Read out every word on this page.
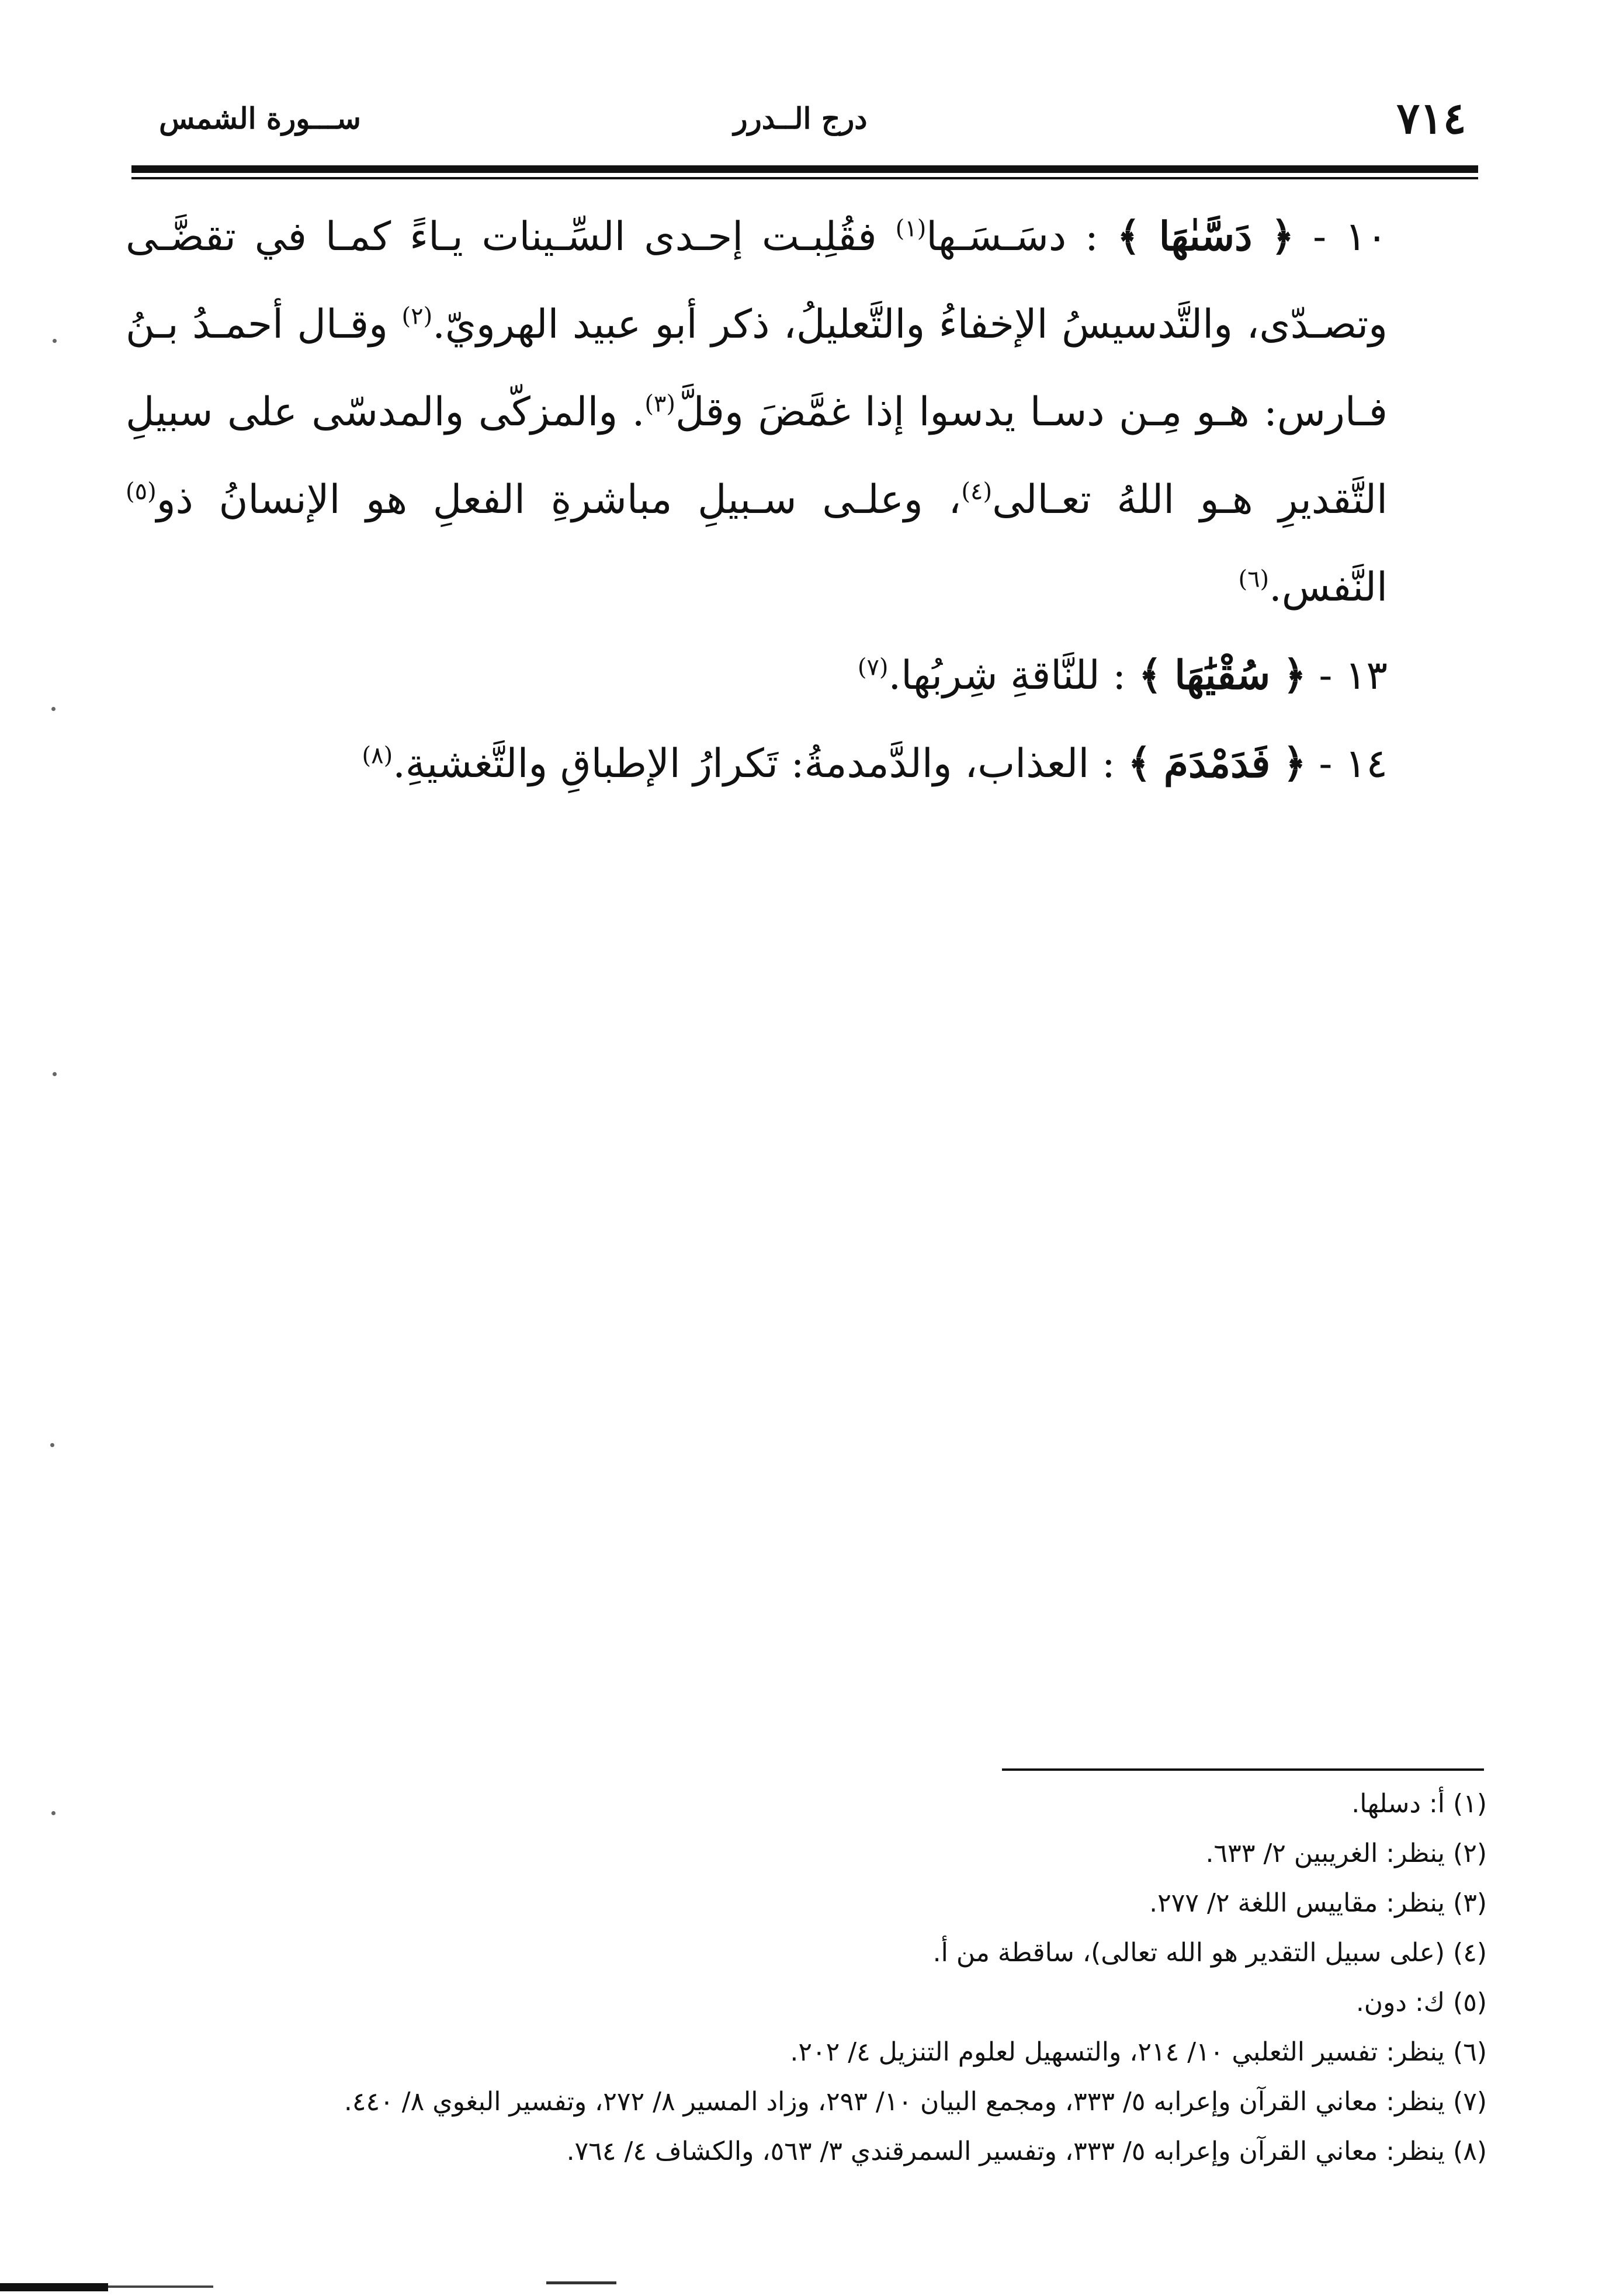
٧١٤
درج الــدرر
ســـورة الشمس

١٠ - ﴿ دَسَّىٰهَا ﴾ : دسَـسَـها$^{(١)}$ فقُلِبـت إحـدى السِّـينات يـاءً كمـا في تقضَّـى وتصـدّى، والتَّدسيسُ الإخفاءُ والتَّعليلُ، ذكر أبو عبيد الهرويّ.$^{(٢)}$ وقـال أحمـدُ بـنُ فـارس: هـو مِـن دسـا يدسوا إذا غمَّضَ وقلَّ$^{(٣)}$. والمزكّى والمدسّى على سبيلِ التَّقديرِ هـو اللهُ تعـالى$^{(٤)}$، وعلـى سـبيلِ مباشرةِ الفعلِ هو الإنسانُ ذو$^{(٥)}$ النَّفس.$^{(٦)}$

١٣ - ﴿ سُقْيَٰهَا ﴾ : للنَّاقةِ شِربُها.$^{(٧)}$

١٤ - ﴿ فَدَمْدَمَ ﴾ : العذاب، والدَّمدمةُ: تَكرارُ الإطباقِ والتَّغشيةِ.$^{(٨)}$

(١) أ: دسلها.

(٢) ينظر: الغريبين ٢/ ٦٣٣.

(٣) ينظر: مقاييس اللغة ٢/ ٢٧٧.

(٤) (على سبيل التقدير هو الله تعالى)، ساقطة من أ.

(٥) ك: دون.

(٦) ينظر: تفسير الثعلبي ١٠/ ٢١٤، والتسهيل لعلوم التنزيل ٤/ ٢٠٢.

(٧) ينظر: معاني القرآن وإعرابه ٥/ ٣٣٣، ومجمع البيان ١٠/ ٢٩٣، وزاد المسير ٨/ ٢٧٢، وتفسير البغوي ٨/ ٤٤٠.

(٨) ينظر: معاني القرآن وإعرابه ٥/ ٣٣٣، وتفسير السمرقندي ٣/ ٥٦٣، والكشاف ٤/ ٧٦٤.
